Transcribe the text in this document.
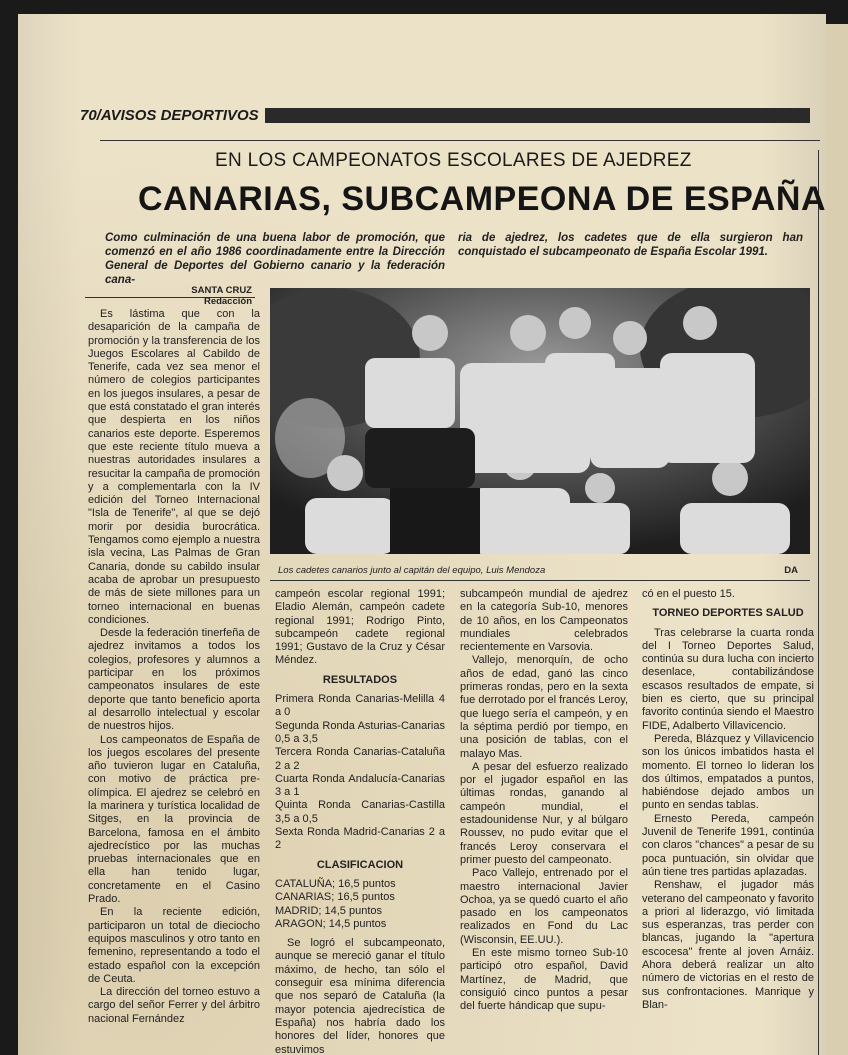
70/AVISOS DEPORTIVOS
EN LOS CAMPEONATOS ESCOLARES DE AJEDREZ
CANARIAS, SUBCAMPEONA DE ESPAÑA
Como culminación de una buena labor de promoción, que comenzó en el año 1986 coordinadamente entre la Dirección General de Deportes del Gobierno canario y la federación cana-
ria de ajedrez, los cadetes que de ella surgieron han conquistado el subcampeonato de España Escolar 1991.
SANTA CRUZ
Redacción
Los cadetes canarios junto al capitán del equipo, Luis Mendoza	DA

Es lástima que con la desaparición de la campaña de promoción y la transferencia de los Juegos Escolares al Cabildo de Tenerife, cada vez sea menor el número de colegios participantes en los juegos insulares, a pesar de que está constatado el gran interés que despierta en los niños canarios este deporte. Esperemos que este reciente título mueva a nuestras autoridades insulares a resucitar la campaña de promoción y a complementarla con la IV edición del Torneo Internacional "Isla de Tenerife", al que se dejó morir por desidia burocrática. Tengamos como ejemplo a nuestra isla vecina, Las Palmas de Gran Canaria, donde su cabildo insular acaba de aprobar un presupuesto de más de siete millones para un torneo internacional en buenas condiciones.

Desde la federación tinerfeña de ajedrez invitamos a todos los colegios, profesores y alumnos a participar en los próximos campeonatos insulares de este deporte que tanto beneficio aporta al desarrollo intelectual y escolar de nuestros hijos.

Los campeonatos de España de los juegos escolares del presente año tuvieron lugar en Cataluña, con motivo de práctica pre-olímpica. El ajedrez se celebró en la marinera y turística localidad de Sitges, en la provincia de Barcelona, famosa en el ámbito ajedrecístico por las muchas pruebas internacionales que en ella han tenido lugar, concretamente en el Casino Prado.

En la reciente edición, participaron un total de dieciocho equipos masculinos y otro tanto en femenino, representando a todo el estado español con la excepción de Ceuta.

La dirección del torneo estuvo a cargo del señor Ferrer y del árbitro nacional Fernández

campeón escolar regional 1991; Eladio Alemán, campeón cadete regional 1991; Rodrigo Pinto, subcampeón cadete regional 1991; Gustavo de la Cruz y César Méndez.

RESULTADOS

Primera Ronda Canarias-Melilla 4 a 0

Segunda Ronda Asturias-Canarias 0,5 a 3,5

Tercera Ronda Canarias-Cataluña 2 a 2

Cuarta Ronda Andalucía-Canarias 3 a 1

Quinta Ronda Canarias-Castilla 3,5 a 0,5

Sexta Ronda Madrid-Canarias 2 a 2

CLASIFICACION

CATALUÑA; 16,5 puntos

CANARIAS; 16,5 puntos

MADRID; 14,5 puntos

ARAGON; 14,5 puntos

Se logró el subcampeonato, aunque se mereció ganar el título máximo, de hecho, tan sólo el conseguir esa mínima diferencia que nos separó de Cataluña (la mayor potencia ajedrecística de España) nos habría dado los honores del líder, honores que estuvimos

subcampeón mundial de ajedrez en la categoría Sub-10, menores de 10 años, en los Campeonatos mundiales celebrados recientemente en Varsovia.

Vallejo, menorquín, de ocho años de edad, ganó las cinco primeras rondas, pero en la sexta fue derrotado por el francés Leroy, que luego sería el campeón, y en la séptima perdió por tiempo, en una posición de tablas, con el malayo Mas.

A pesar del esfuerzo realizado por el jugador español en las últimas rondas, ganando al campeón mundial, el estadounidense Nur, y al búlgaro Roussev, no pudo evitar que el francés Leroy conservara el primer puesto del campeonato.

Paco Vallejo, entrenado por el maestro internacional Javier Ochoa, ya se quedó cuarto el año pasado en los campeonatos realizados en Fond du Lac (Wisconsin, EE.UU.).

En este mismo torneo Sub-10 participó otro español, David Martínez, de Madrid, que consiguió cinco puntos a pesar del fuerte hándicap que supu-

có en el puesto 15.

TORNEO DEPORTES SALUD

Tras celebrarse la cuarta ronda del I Torneo Deportes Salud, continúa su dura lucha con incierto desenlace, contabilizándose escasos resultados de empate, si bien es cierto, que su principal favorito continúa siendo el Maestro FIDE, Adalberto Villavicencio.

Pereda, Blázquez y Villavicencio son los únicos imbatidos hasta el momento. El torneo lo lideran los dos últimos, empatados a puntos, habiéndose dejado ambos un punto en sendas tablas.

Ernesto Pereda, campeón Juvenil de Tenerife 1991, continúa con claros "chances" a pesar de su poca puntuación, sin olvidar que aún tiene tres partidas aplazadas.

Renshaw, el jugador más veterano del campeonato y favorito a priori al liderazgo, vió limitada sus esperanzas, tras perder con blancas, jugando la "apertura escocesa" frente al joven Arnáiz. Ahora deberá realizar un alto número de victorias en el resto de sus confrontaciones. Manrique y Blan-
